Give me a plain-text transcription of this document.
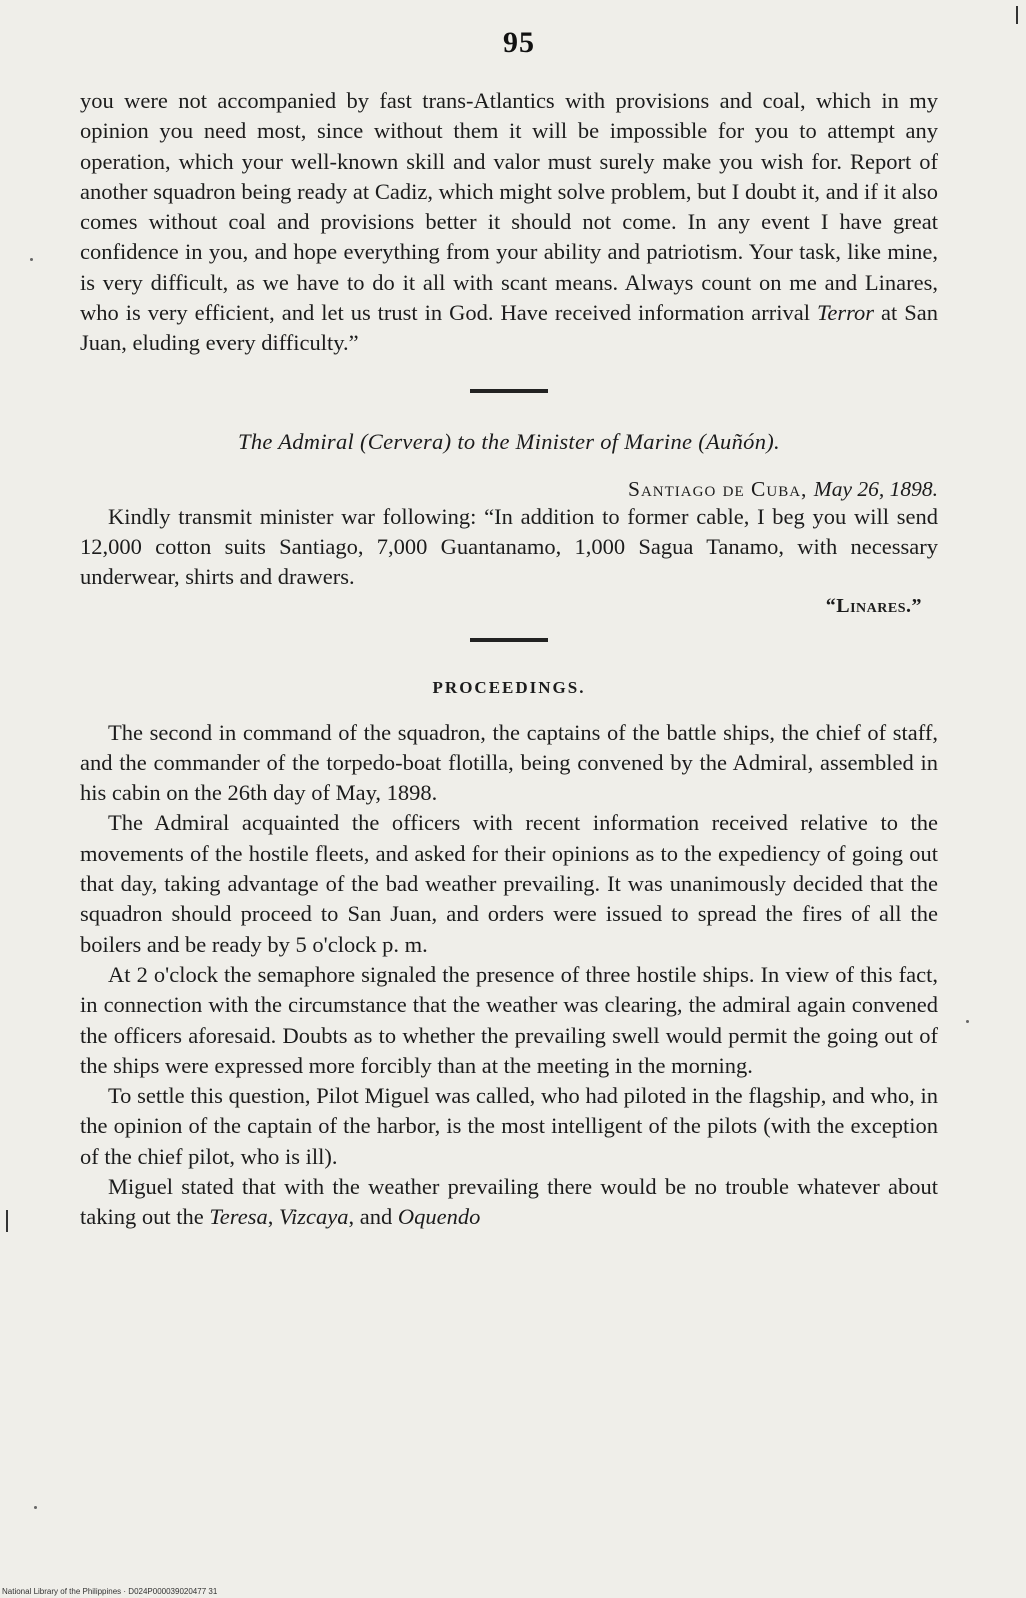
95

you were not accompanied by fast trans-Atlantics with provisions and coal, which in my opinion you need most, since without them it will be impossible for you to attempt any operation, which your well-known skill and valor must surely make you wish for. Report of another squadron being ready at Cadiz, which might solve problem, but I doubt it, and if it also comes without coal and provisions better it should not come. In any event I have great confidence in you, and hope everything from your ability and patriotism. Your task, like mine, is very difficult, as we have to do it all with scant means. Always count on me and Linares, who is very efficient, and let us trust in God. Have received information arrival Terror at San Juan, eluding every difficulty.”

The Admiral (Cervera) to the Minister of Marine (Auñón).
Santiago de Cuba, May 26, 1898.

Kindly transmit minister war following: “In addition to former cable, I beg you will send 12,000 cotton suits Santiago, 7,000 Guantanamo, 1,000 Sagua Tanamo, with necessary underwear, shirts and drawers.

“Linares.”
PROCEEDINGS.

The second in command of the squadron, the captains of the battle ships, the chief of staff, and the commander of the torpedo-boat flotilla, being convened by the Admiral, assembled in his cabin on the 26th day of May, 1898.

The Admiral acquainted the officers with recent information received relative to the movements of the hostile fleets, and asked for their opinions as to the expediency of going out that day, taking advantage of the bad weather prevailing. It was unanimously decided that the squadron should proceed to San Juan, and orders were issued to spread the fires of all the boilers and be ready by 5 o'clock p. m.

At 2 o'clock the semaphore signaled the presence of three hostile ships. In view of this fact, in connection with the circumstance that the weather was clearing, the admiral again convened the officers aforesaid. Doubts as to whether the prevailing swell would permit the going out of the ships were expressed more forcibly than at the meeting in the morning.

To settle this question, Pilot Miguel was called, who had piloted in the flagship, and who, in the opinion of the captain of the harbor, is the most intelligent of the pilots (with the exception of the chief pilot, who is ill).

Miguel stated that with the weather prevailing there would be no trouble whatever about taking out the Teresa, Vizcaya, and Oquendo

National Library of the Philippines · D024P000039020477 31
